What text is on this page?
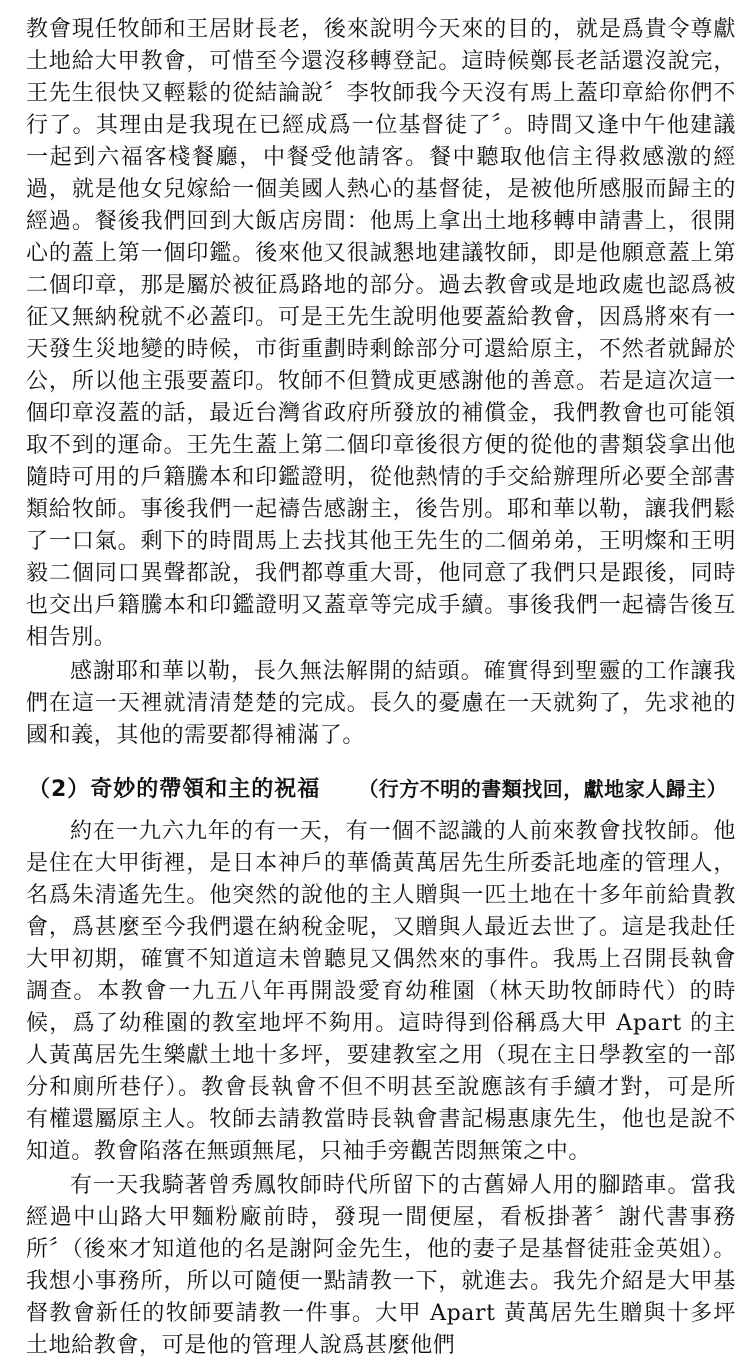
教會現任牧師和王居財長老，後來說明今天來的目的，就是爲貴令尊獻土地給大甲教會，可惜至今還沒移轉登記。這時候鄭長老話還沒說完，王先生很快又輕鬆的從結論說〞李牧師我今天沒有馬上蓋印章給你們不行了。其理由是我現在已經成爲一位基督徒了〞。時間又逢中午他建議一起到六福客棧餐廳，中餐受他請客。餐中聽取他信主得救感激的經過，就是他女兒嫁給一個美國人熱心的基督徒，是被他所感服而歸主的經過。餐後我們回到大飯店房間：他馬上拿出土地移轉申請書上，很開心的蓋上第一個印鑑。後來他又很誠懇地建議牧師，即是他願意蓋上第二個印章，那是屬於被征爲路地的部分。過去教會或是地政處也認爲被征又無納稅就不必蓋印。可是王先生說明他要蓋給教會，因爲將來有一天發生災地變的時候，市街重劃時剩餘部分可還給原主，不然者就歸於公，所以他主張要蓋印。牧師不但贊成更感謝他的善意。若是這次這一個印章沒蓋的話，最近台灣省政府所發放的補償金，我們教會也可能領取不到的運命。王先生蓋上第二個印章後很方便的從他的書類袋拿出他隨時可用的戶籍騰本和印鑑證明，從他熱情的手交給辦理所必要全部書類給牧師。事後我們一起禱告感謝主，後告別。耶和華以勒，讓我們鬆了一口氣。剩下的時間馬上去找其他王先生的二個弟弟，王明燦和王明毅二個同口異聲都說，我們都尊重大哥，他同意了我們只是跟後，同時也交出戶籍騰本和印鑑證明又蓋章等完成手續。事後我們一起禱告後互相告別。

感謝耶和華以勒，長久無法解開的結頭。確實得到聖靈的工作讓我們在這一天裡就清清楚楚的完成。長久的憂慮在一天就夠了，先求祂的國和義，其他的需要都得補滿了。

（2）奇妙的帶領和主的祝福 （行方不明的書類找回，獻地家人歸主）

約在一九六九年的有一天，有一個不認識的人前來教會找牧師。他是住在大甲街裡，是日本神戶的華僑黃萬居先生所委託地產的管理人，名爲朱清遙先生。他突然的說他的主人贈與一匹土地在十多年前給貴教會，爲甚麼至今我們還在納稅金呢，又贈與人最近去世了。這是我赴任大甲初期，確實不知道這未曾聽見又偶然來的事件。我馬上召開長執會調查。本教會一九五八年再開設愛育幼稚園（林天助牧師時代）的時候，爲了幼稚園的教室地坪不夠用。這時得到俗稱爲大甲 Apart 的主人黃萬居先生樂獻土地十多坪，要建教室之用（現在主日學教室的一部分和廁所巷仔）。教會長執會不但不明甚至說應該有手續才對，可是所有權還屬原主人。牧師去請教當時長執會書記楊惠康先生，他也是說不知道。教會陷落在無頭無尾，只袖手旁觀苦悶無策之中。

有一天我騎著曾秀鳳牧師時代所留下的古舊婦人用的腳踏車。當我經過中山路大甲麵粉廠前時，發現一間便屋，看板掛著〞謝代書事務所〞（後來才知道他的名是謝阿金先生，他的妻子是基督徒莊金英姐）。我想小事務所，所以可隨便一點請教一下，就進去。我先介紹是大甲基督教會新任的牧師要請教一件事。大甲 Apart 黃萬居先生贈與十多坪土地給教會，可是他的管理人說爲甚麼他們
